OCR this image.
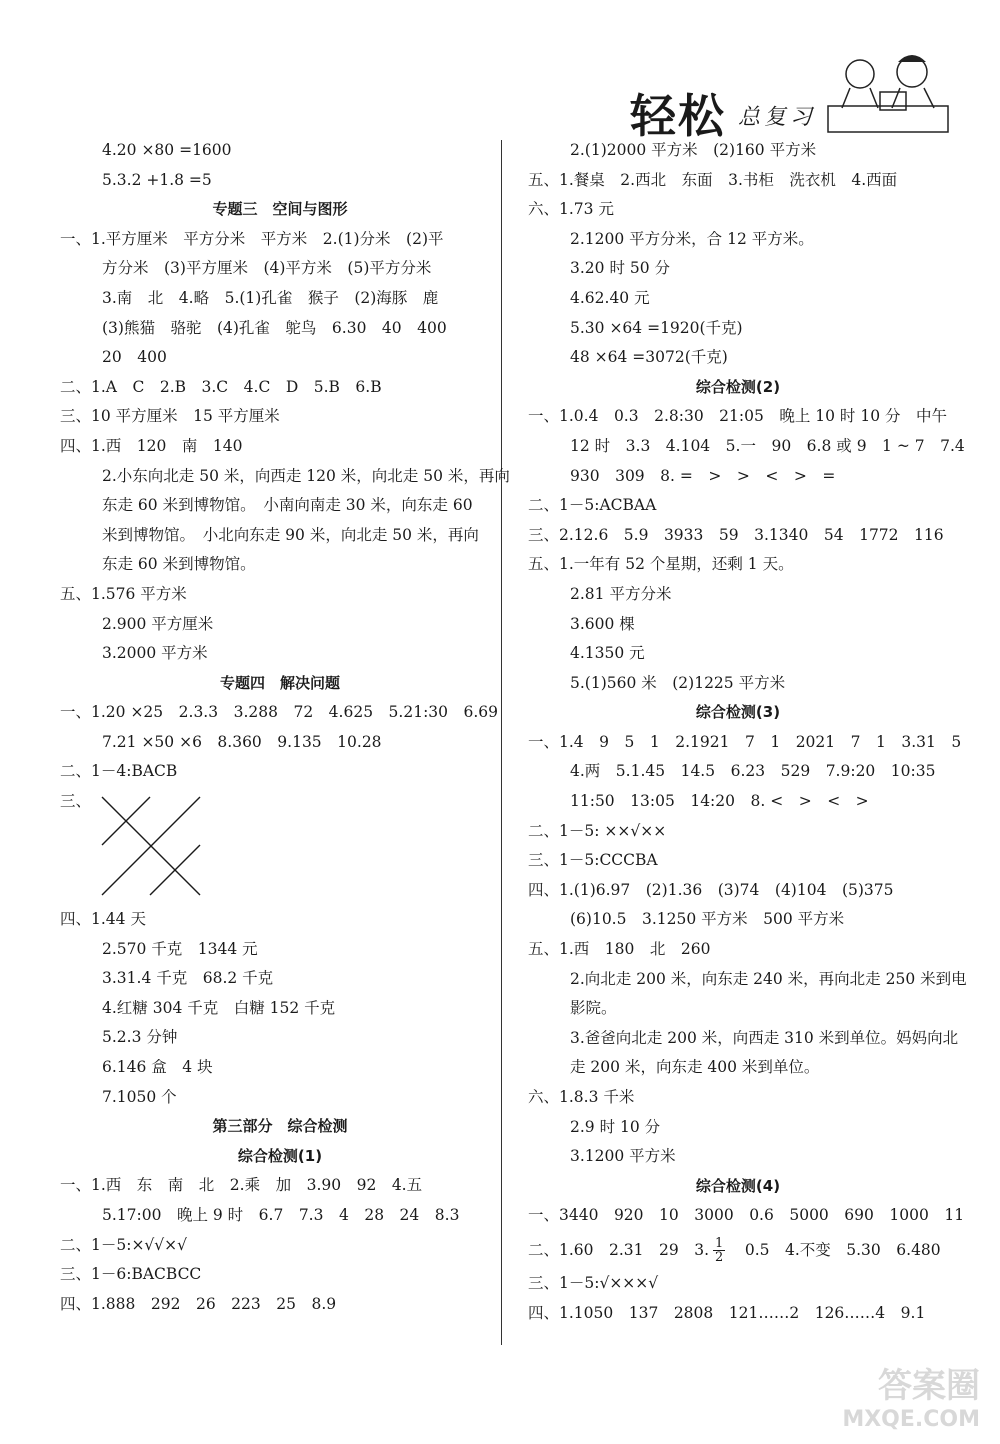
轻松 总复习
4.20 ×80 =1600
5.3.2 +1.8 =5
专题三　空间与图形
一、1.平方厘米　平方分米　平方米　2.(1)分米　(2)平
方分米　(3)平方厘米　(4)平方米　(5)平方分米
3.南　北　4.略　5.(1)孔雀　猴子　(2)海豚　鹿
(3)熊猫　骆驼　(4)孔雀　鸵鸟　6.30　40　400
20　400
二、1.A　C　2.B　3.C　4.C　D　5.B　6.B
三、10 平方厘米　15 平方厘米
四、1.西　120　南　140
2.小东向北走 50 米，向西走 120 米，向北走 50 米，再向
东走 60 米到博物馆。　小南向南走 30 米，向东走 60
米到博物馆。　小北向东走 90 米，向北走 50 米，再向
东走 60 米到博物馆。
五、1.576 平方米
2.900 平方厘米
3.2000 平方米
专题四　解决问题
一、1.20 ×25　2.3.3　3.288　72　4.625　5.21:30　6.69
7.21 ×50 ×6　8.360　9.135　10.28
二、1－4:BACB
三、
四、1.44 天
2.570 千克　1344 元
3.31.4 千克　68.2 千克
4.红糖 304 千克　白糖 152 千克
5.2.3 分钟
6.146 盒　4 块
7.1050 个
第三部分　综合检测
综合检测(1)
一、1.西　东　南　北　2.乘　加　3.90　92　4.五
5.17:00　晚上 9 时　6.7　7.3　4　28　24　8.3
二、1－5:×√√×√
三、1－6:BACBCC
四、1.888　292　26　223　25　8.9
2.(1)2000 平方米　(2)160 平方米
五、1.餐桌　2.西北　东面　3.书柜　洗衣机　4.西面
六、1.73 元
2.1200 平方分米，合 12 平方米。
3.20 时 50 分
4.62.40 元
5.30 ×64 =1920(千克)
48 ×64 =3072(千克)
综合检测(2)
一、1.0.4　0.3　2.8:30　21:05　晚上 10 时 10 分　中午
12 时　3.3　4.104　5.一　90　6.8 或 9　1 ~ 7　7.4
930　309　8. =　>　>　<　>　=
二、1－5:ACBAA
三、2.12.6　5.9　3933　59　3.1340　54　1772　116
五、1.一年有 52 个星期，还剩 1 天。
2.81 平方分米
3.600 棵
4.1350 元
5.(1)560 米　(2)1225 平方米
综合检测(3)
一、1.4　9　5　1　2.1921　7　1　2021　7　1　3.31　5
4.两　5.1.45　14.5　6.23　529　7.9:20　10:35
11:50　13:05　14:20　8. <　>　<　>
二、1－5: ××√××
三、1－5:CCCBA
四、1.(1)6.97　(2)1.36　(3)74　(4)104　(5)375
(6)10.5　3.1250 平方米　500 平方米
五、1.西　180　北　260
2.向北走 200 米，向东走 240 米，再向北走 250 米到电
影院。
3.爸爸向北走 200 米，向西走 310 米到单位。妈妈向北
走 200 米，向东走 400 米到单位。
六、1.8.3 千米
2.9 时 10 分
3.1200 平方米
综合检测(4)
一、3440　920　10　3000　0.6　5000　690　1000　11
二、1.60　2.31　29　3. $\frac{1}{2}$ 　0.5　4.不变　5.30　6.480
三、1－5:√×××√
四、1.1050　137　2808　121……2　126……4　9.1
答案圈
MXQE.COM
